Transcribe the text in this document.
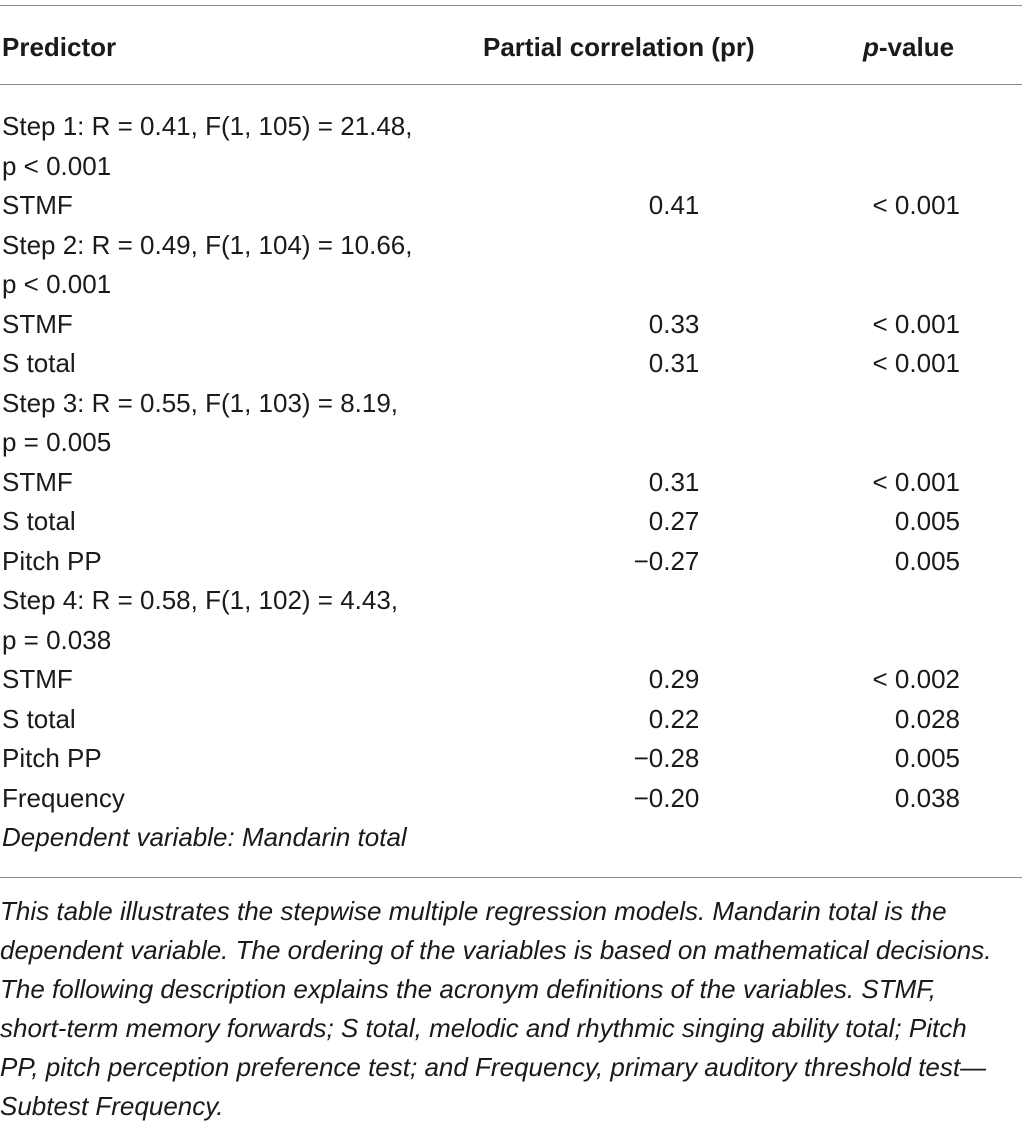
Predictor	Partial correlation (pr)	p-value
Step 1: R = 0.41, F(1, 105) = 21.48,		
p < 0.001		
STMF	0.41	< 0.001
Step 2: R = 0.49, F(1, 104) = 10.66,		
p < 0.001		
STMF	0.33	< 0.001
S total	0.31	< 0.001
Step 3: R = 0.55, F(1, 103) = 8.19,		
p = 0.005		
STMF	0.31	< 0.001
S total	0.27	0.005
Pitch PP	−0.27	0.005
Step 4: R = 0.58, F(1, 102) = 4.43,		
p = 0.038		
STMF	0.29	< 0.002
S total	0.22	0.028
Pitch PP	−0.28	0.005
Frequency	−0.20	0.038
Dependent variable: Mandarin total		
This table illustrates the stepwise multiple regression models. Mandarin total is the dependent variable. The ordering of the variables is based on mathematical decisions. The following description explains the acronym definitions of the variables. STMF, short-term memory forwards; S total, melodic and rhythmic singing ability total; Pitch PP, pitch perception preference test; and Frequency, primary auditory threshold test—Subtest Frequency.
